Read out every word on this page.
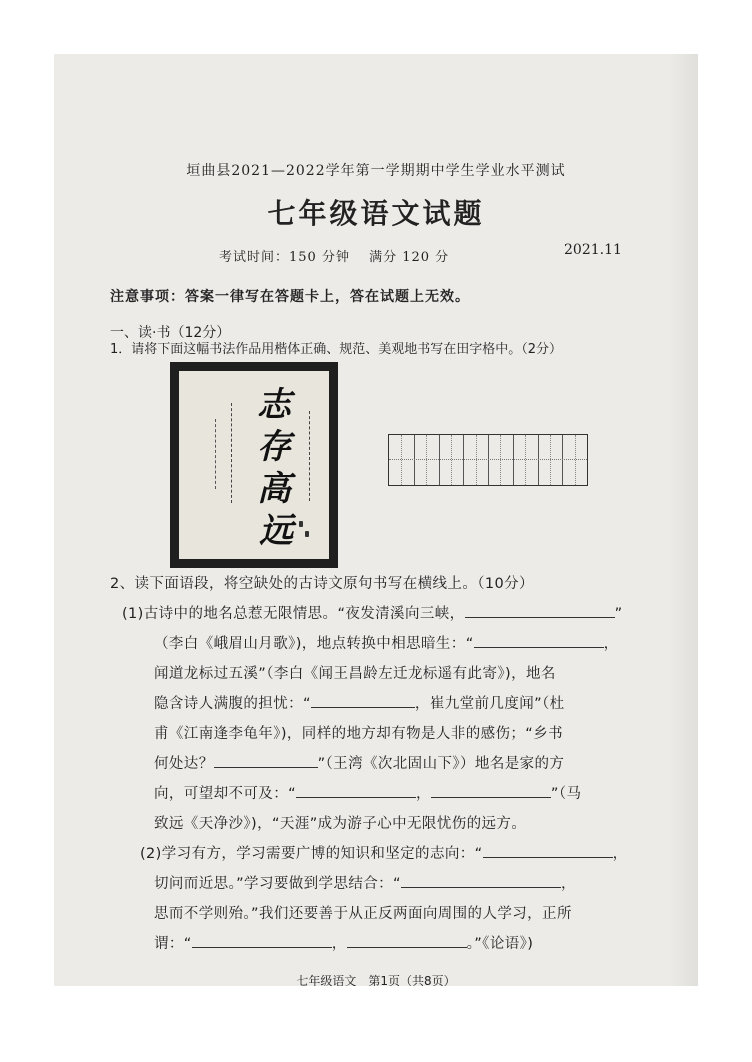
垣曲县2021—2022学年第一学期期中学生学业水平测试
七年级语文试题
考试时间：150 分钟　 满分 120 分	2021.11
注意事项：答案一律写在答题卡上，答在试题上无效。
一、读·书（12分）
1．请将下面这幅书法作品用楷体正确、规范、美观地书写在田字格中。（2分）
志
存
高
远
2、读下面语段，将空缺处的古诗文原句书写在横线上。（10分）
(1)古诗中的地名总惹无限情思。“夜发清溪向三峡，	”
（李白《峨眉山月歌》)，地点转换中相思暗生：“	，
闻道龙标过五溪”（李白《闻王昌龄左迁龙标遥有此寄》)，地名
隐含诗人满腹的担忧：“	，崔九堂前几度闻”（杜
甫《江南逢李龟年》)，同样的地方却有物是人非的感伤；“乡书
何处达？	”（王湾《次北固山下》）地名是家的方
向，可望却不可及：“	，	”（马
致远《天净沙》)，“天涯”成为游子心中无限忧伤的远方。
(2)学习有方，学习需要广博的知识和坚定的志向：“	，
切问而近思。”学习要做到学思结合：“	，
思而不学则殆。”我们还要善于从正反两面向周围的人学习，正所
谓：“	，	。”《论语》)
七年级语文　第1页（共8页）
